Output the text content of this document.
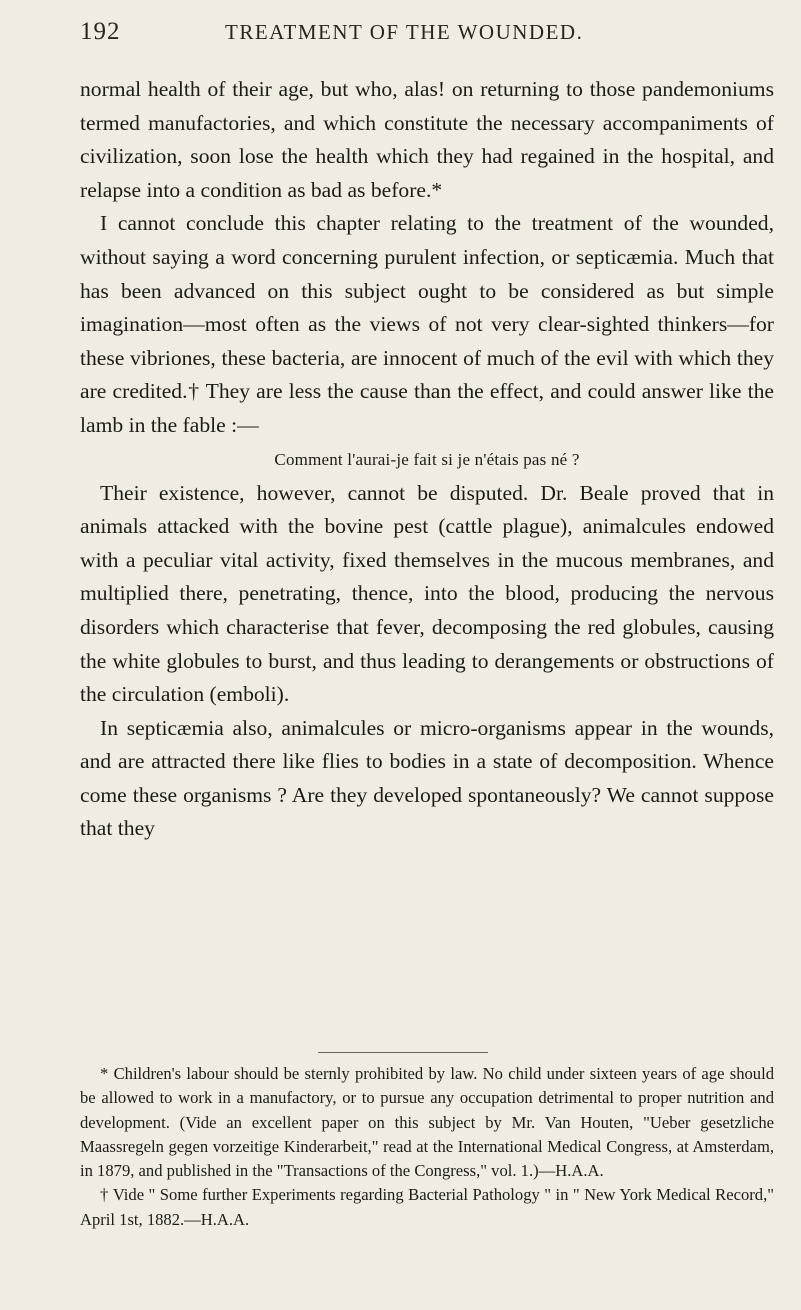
192	TREATMENT OF THE WOUNDED.

normal health of their age, but who, alas! on returning to those pandemoniums termed manufactories, and which constitute the necessary accompaniments of civilization, soon lose the health which they had regained in the hospital, and relapse into a condition as bad as before.*

I cannot conclude this chapter relating to the treatment of the wounded, without saying a word concerning purulent infection, or septicæmia. Much that has been advanced on this subject ought to be considered as but simple imagination—most often as the views of not very clear-sighted thinkers—for these vibriones, these bacteria, are innocent of much of the evil with which they are credited.† They are less the cause than the effect, and could answer like the lamb in the fable :—

Comment l'aurai-je fait si je n'étais pas né ?

Their existence, however, cannot be disputed. Dr. Beale proved that in animals attacked with the bovine pest (cattle plague), animalcules endowed with a peculiar vital activity, fixed themselves in the mucous membranes, and multiplied there, penetrating, thence, into the blood, producing the nervous disorders which characterise that fever, decomposing the red globules, causing the white globules to burst, and thus leading to derangements or obstructions of the circulation (emboli).

In septicæmia also, animalcules or micro-organisms appear in the wounds, and are attracted there like flies to bodies in a state of decomposition. Whence come these organisms ? Are they developed spontaneously? We cannot suppose that they

* Children's labour should be sternly prohibited by law. No child under sixteen years of age should be allowed to work in a manufactory, or to pursue any occupation detrimental to proper nutrition and development. (Vide an excellent paper on this subject by Mr. Van Houten, "Ueber gesetzliche Maassregeln gegen vorzeitige Kinderarbeit," read at the International Medical Congress, at Amsterdam, in 1879, and published in the "Transactions of the Congress," vol. 1.)—H.A.A.

† Vide " Some further Experiments regarding Bacterial Pathology " in " New York Medical Record," April 1st, 1882.—H.A.A.
